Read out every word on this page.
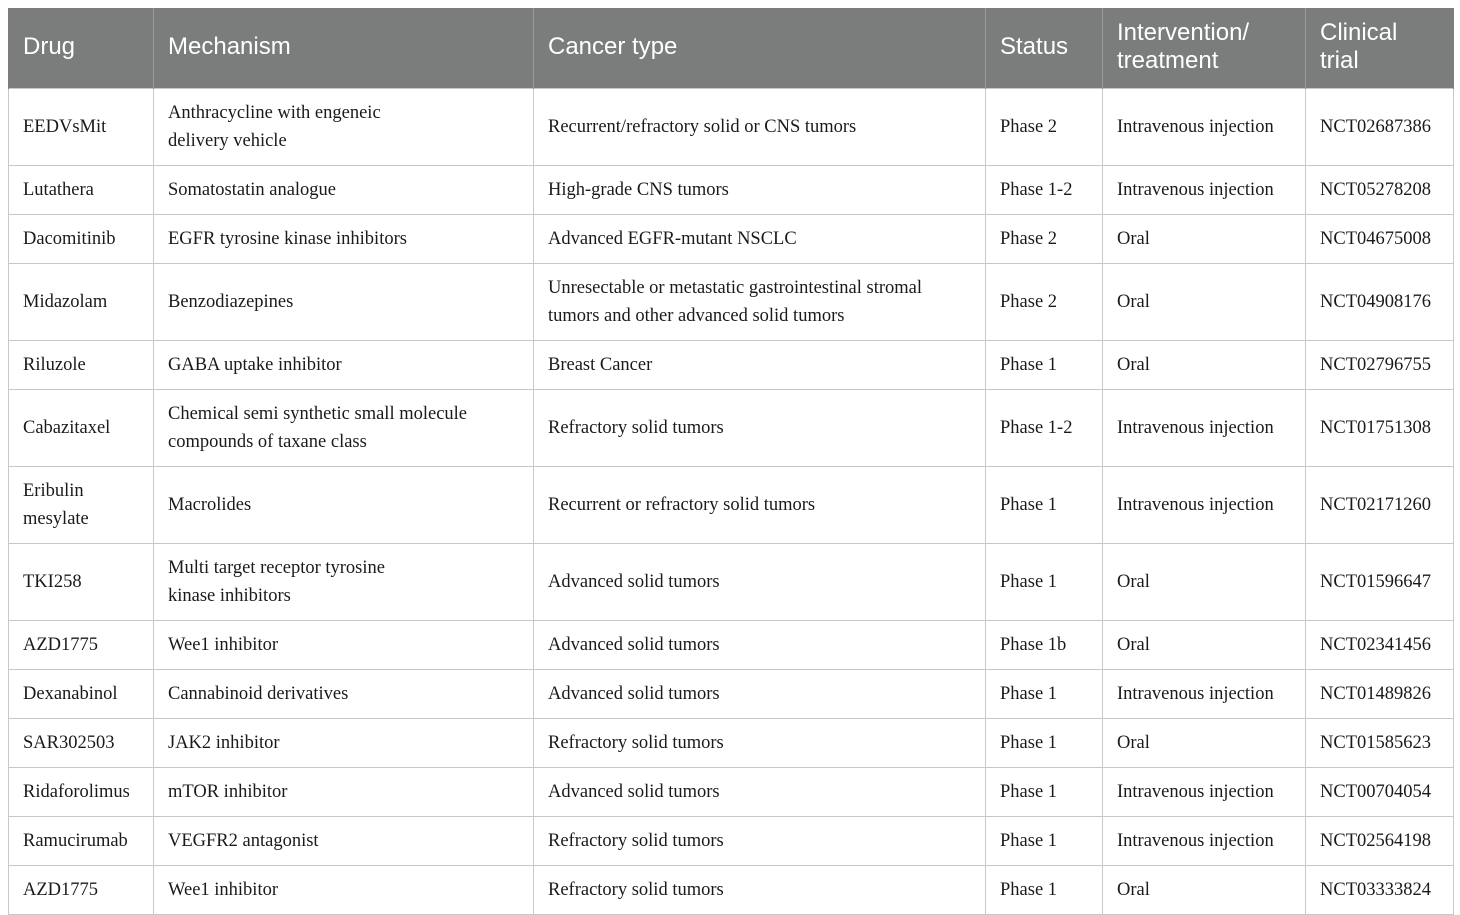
Drug	Mechanism	Cancer type	Status	Intervention/
treatment	Clinical
trial

EEDVsMit	Anthracycline with engeneic
delivery vehicle	Recurrent/refractory solid or CNS tumors	Phase 2	Intravenous injection	NCT02687386

Lutathera	Somatostatin analogue	High-grade CNS tumors	Phase 1-2	Intravenous injection	NCT05278208

Dacomitinib	EGFR tyrosine kinase inhibitors	Advanced EGFR-mutant NSCLC	Phase 2	Oral	NCT04675008

Midazolam	Benzodiazepines	Unresectable or metastatic gastrointestinal stromal
tumors and other advanced solid tumors	Phase 2	Oral	NCT04908176

Riluzole	GABA uptake inhibitor	Breast Cancer	Phase 1	Oral	NCT02796755

Cabazitaxel	Chemical semi synthetic small molecule
compounds of taxane class	Refractory solid tumors	Phase 1-2	Intravenous injection	NCT01751308

Eribulin
mesylate	Macrolides	Recurrent or refractory solid tumors	Phase 1	Intravenous injection	NCT02171260

TKI258	Multi target receptor tyrosine
kinase inhibitors	Advanced solid tumors	Phase 1	Oral	NCT01596647

AZD1775	Wee1 inhibitor	Advanced solid tumors	Phase 1b	Oral	NCT02341456

Dexanabinol	Cannabinoid derivatives	Advanced solid tumors	Phase 1	Intravenous injection	NCT01489826

SAR302503	JAK2 inhibitor	Refractory solid tumors	Phase 1	Oral	NCT01585623

Ridaforolimus	mTOR inhibitor	Advanced solid tumors	Phase 1	Intravenous injection	NCT00704054

Ramucirumab	VEGFR2 antagonist	Refractory solid tumors	Phase 1	Intravenous injection	NCT02564198

AZD1775	Wee1 inhibitor	Refractory solid tumors	Phase 1	Oral	NCT03333824
